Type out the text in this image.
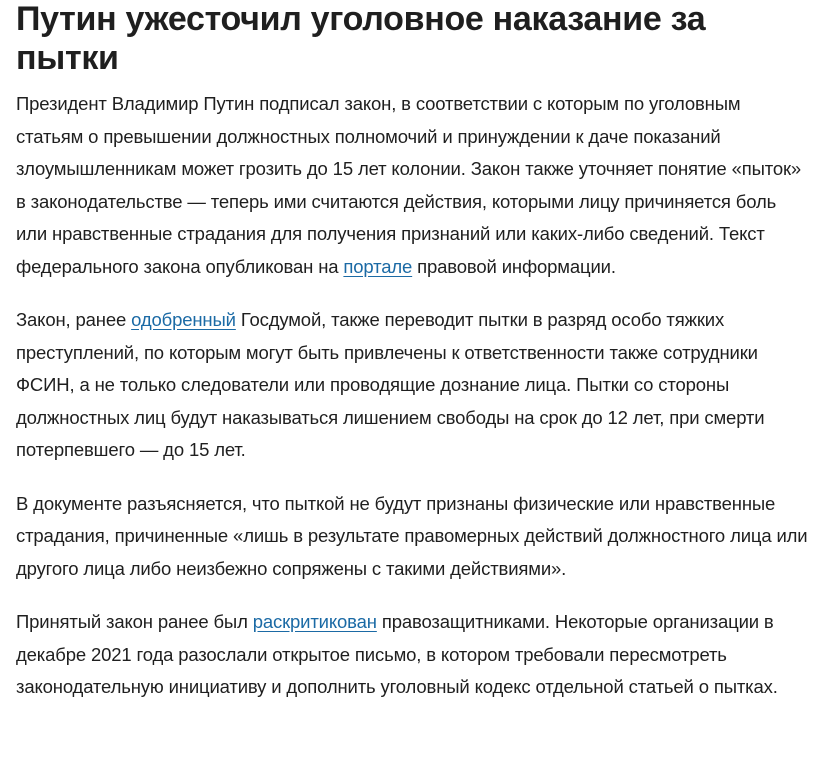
Путин ужесточил уголовное наказание за пытки

Президент Владимир Путин подписал закон, в соответствии с которым по уголовным статьям о превышении должностных полномочий и принуждении к даче показаний злоумышленникам может грозить до 15 лет колонии. Закон также уточняет понятие «пыток» в законодательстве — теперь ими считаются действия, которыми лицу причиняется боль или нравственные страдания для получения признаний или каких-либо сведений. Текст федерального закона опубликован на портале правовой информации.

Закон, ранее одобренный Госдумой, также переводит пытки в разряд особо тяжких преступлений, по которым могут быть привлечены к ответственности также сотрудники ФСИН, а не только следователи или проводящие дознание лица. Пытки со стороны должностных лиц будут наказываться лишением свободы на срок до 12 лет, при смерти потерпевшего — до 15 лет.

В документе разъясняется, что пыткой не будут признаны физические или нравственные страдания, причиненные «лишь в результате правомерных действий должностного лица или другого лица либо неизбежно сопряжены с такими действиями».

Принятый закон ранее был раскритикован правозащитниками. Некоторые организации в декабре 2021 года разослали открытое письмо, в котором требовали пересмотреть законодательную инициативу и дополнить уголовный кодекс отдельной статьей о пытках.
